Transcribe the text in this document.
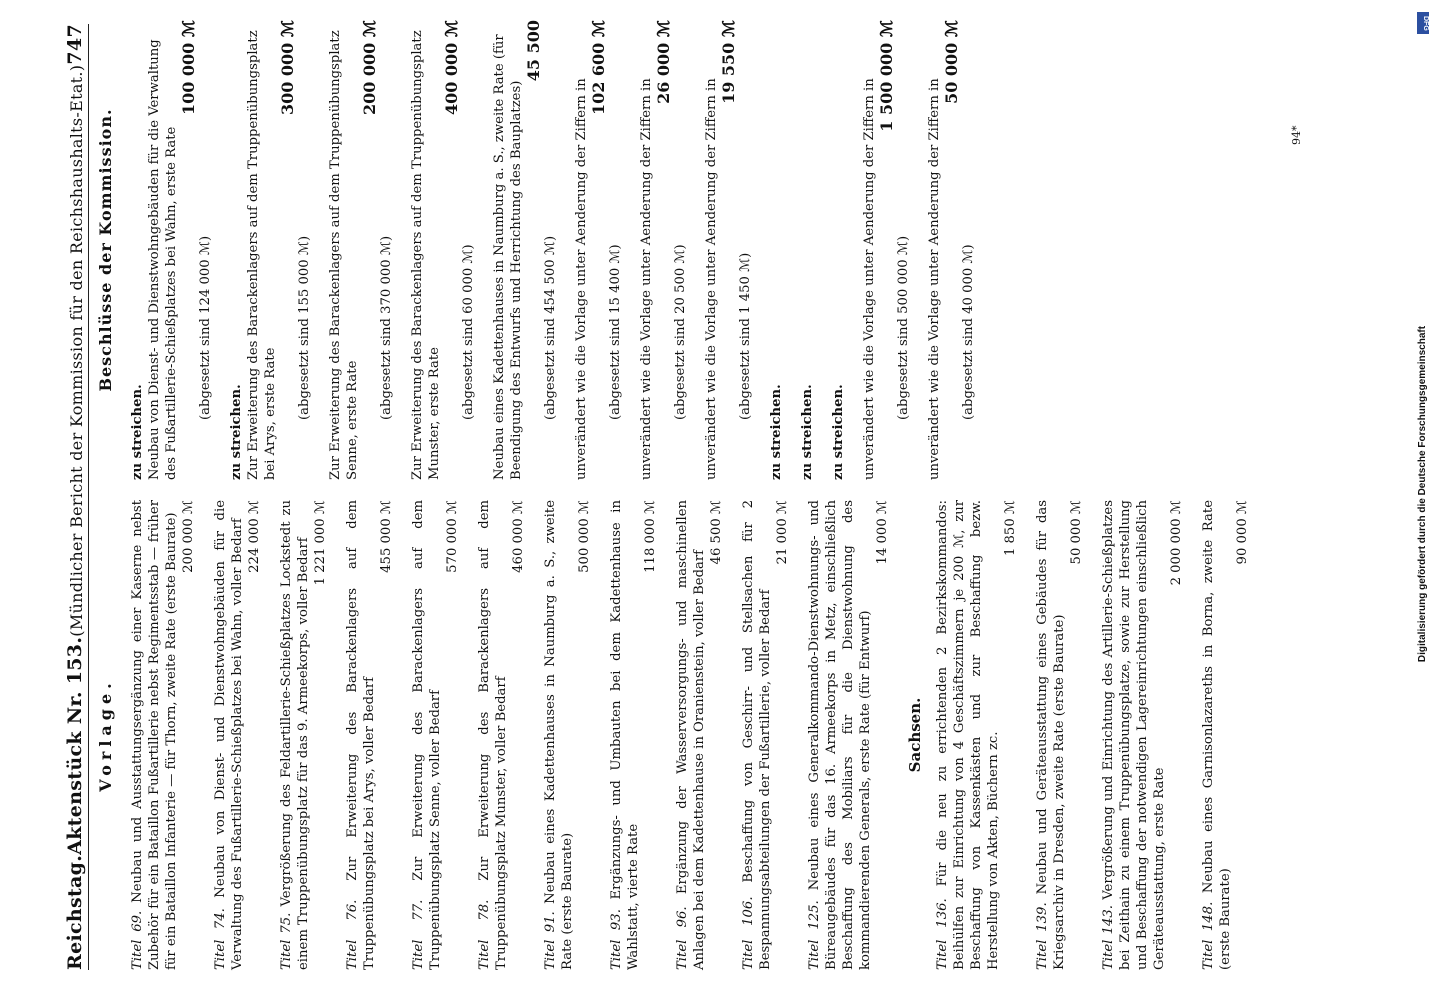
Reichstag.
Aktenstück Nr. 153.
(Mündlicher Bericht der Kommission für den Reichshaushalts-Etat.)
747
Vorlage.
Titel 69. Neubau und Ausstattungsergänzung einer Kaserne nebst Zubehör für ein Bataillon Fußartillerie nebst Regimentsstab — früher für ein Bataillon Infanterie — für Thorn, zweite Rate (erste Baurate) 200 000 ℳ
Titel 74. Neubau von Dienst- und Dienstwohngebäuden für die Verwaltung des Fußartillerie-Schießplatzes bei Wahn, voller Bedarf 224 000 ℳ
Titel 75. Vergrößerung des Feldartillerie-Schießplatzes Lockstedt zu einem Truppenübungsplatz für das 9. Armeekorps, voller Bedarf 1 221 000 ℳ
Titel 76. Zur Erweiterung des Barackenlagers auf dem Truppenübungsplatz bei Arys, voller Bedarf
455 000 ℳ
Titel 77. Zur Erweiterung des Barackenlagers auf dem Truppenübungsplatz Senne, voller Bedarf
570 000 ℳ
Titel 78. Zur Erweiterung des Barackenlagers auf dem Truppenübungsplatz Munster, voller Bedarf
460 000 ℳ
Titel 91. Neubau eines Kadettenhauses in Naumburg a. S., zweite Rate (erste Baurate)
500 000 ℳ
Titel 93. Ergänzungs- und Umbauten bei dem Kadettenhause in Wahlstatt, vierte Rate
118 000 ℳ
Titel 96. Ergänzung der Wasserversorgungs- und maschinellen Anlagen bei dem Kadettenhause in Oranienstein, voller Bedarf
46 500 ℳ
Titel 106. Beschaffung von Geschirr- und Stellsachen für 2 Bespannungsabteilungen der Fußartillerie, voller Bedarf
21 000 ℳ
Titel 125. Neubau eines Generalkommando-Dienstwohnungs- und Büreaugebäudes für das 16. Armeekorps in Metz, einschließlich Beschaffung des Mobiliars für die Dienstwohnung des kommandierenden Generals, erste Rate (für Entwurf)
14 000 ℳ
Sachsen.
Titel 136. Für die neu zu errichtenden 2 Bezirkskommandos: Beihülfen zur Einrichtung von 4 Geschäftszimmern je 200 ℳ, zur Beschaffung von Kassenkästen und zur Beschaffung bezw. Herstellung von Akten, Büchern zc.
1 850 ℳ
Titel 139. Neubau und Geräteausstattung eines Gebäudes für das Kriegsarchiv in Dresden, zweite Rate (erste Baurate)
50 000 ℳ
Titel 143. Vergrößerung und Einrichtung des Artillerie-Schießplatzes bei Zeithain zu einem Truppenübungsplatze, sowie zur Herstellung und Beschaffung der notwendigen Lagereinrichtungen einschließlich Geräteausstattung, erste Rate
2 000 000 ℳ
Titel 148. Neubau eines Garnisonlazareths in Borna, zweite Rate (erste Baurate)
90 000 ℳ
Beschlüsse der Kommission.
zu streichen. Neubau von Dienst- und Dienstwohngebäuden für die Verwaltung des Fußartillerie-Schießplatzes bei Wahn, erste Rate
100 000 ℳ
(abgesetzt sind 124 000 ℳ)
zu streichen. Zur Erweiterung des Barackenlagers auf dem Truppenübungsplatz bei Arys, erste Rate
300 000 ℳ
(abgesetzt sind 155 000 ℳ) Zur Erweiterung des Barackenlagers auf dem Truppenübungsplatz Senne, erste Rate
200 000 ℳ
(abgesetzt sind 370 000 ℳ) Zur Erweiterung des Barackenlagers auf dem Truppenübungsplatz Munster, erste Rate
400 000 ℳ
(abgesetzt sind 60 000 ℳ) Neubau eines Kadettenhauses in Naumburg a. S., zweite Rate (für Beendigung des Entwurfs und Herrichtung des Bauplatzes)
45 500
(abgesetzt sind 454 500 ℳ) unverändert wie die Vorlage unter Aenderung der Ziffern in
102 600 ℳ
(abgesetzt sind 15 400 ℳ) unverändert wie die Vorlage unter Aenderung der Ziffern in
26 000 ℳ
(abgesetzt sind 20 500 ℳ) unverändert wie die Vorlage unter Aenderung der Ziffern in
19 550 ℳ
(abgesetzt sind 1 450 ℳ)
zu streichen. zu streichen. zu streichen. unverändert wie die Vorlage unter Aenderung der Ziffern in
1 500 000 ℳ
(abgesetzt sind 500 000 ℳ) unverändert wie die Vorlage unter Aenderung der Ziffern in
50 000 ℳ
(abgesetzt sind 40 000 ℳ)
94*
DFG
Digitalisierung gefördert durch die Deutsche Forschungsgemeinschaft
